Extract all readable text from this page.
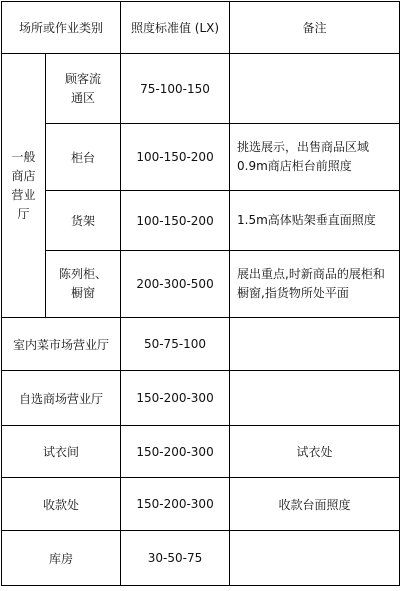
场所或作业类别		照度标准值 (LX)	备注
一般商店营业厅	顾客流通区	75-100-150	
	柜台	100-150-200	挑选展示，出售商品区域0.9m商店柜台前照度
	货架	100-150-200	1.5m高体贴架垂直面照度
	陈列柜、橱窗	200-300-500	展出重点,时新商品的展柜和橱窗,指货物所处平面
室内菜市场营业厅		50-75-100	
自选商场营业厅		150-200-300	
试衣间		150-200-300	试衣处
收款处		150-200-300	收款台面照度
库房		30-50-75	
